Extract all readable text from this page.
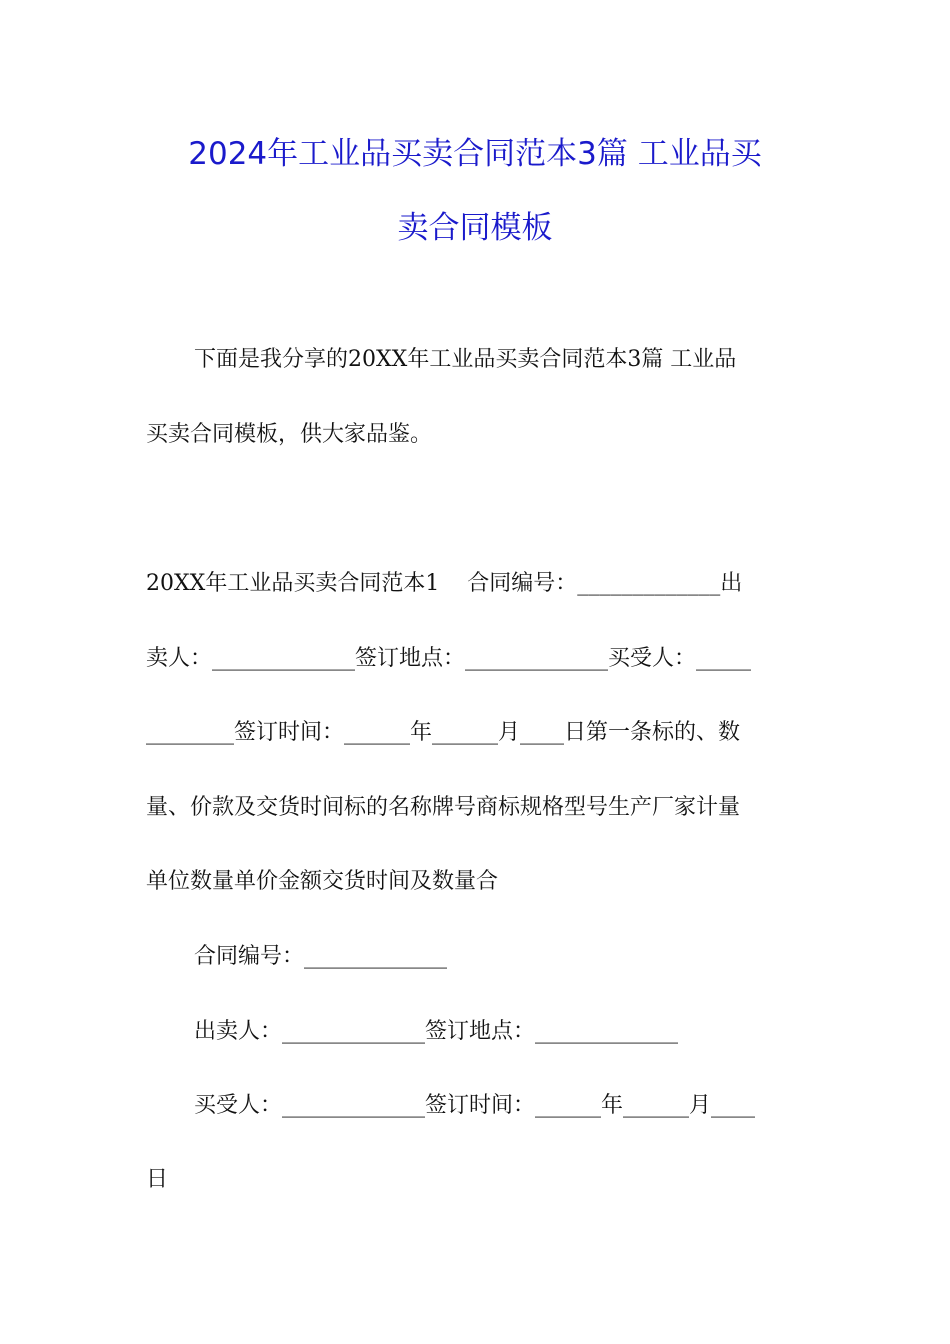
2024年工业品买卖合同范本3篇 工业品买
卖合同模板
下面是我分享的20XX年工业品买卖合同范本3篇 工业品
买卖合同模板，供大家品鉴。
20XX年工业品买卖合同范本1    合同编号：_____________出
卖人：_____________签订地点：_____________买受人：_____
________签订时间：______年______月____日第一条标的、数
量、价款及交货时间标的名称牌号商标规格型号生产厂家计量
单位数量单价金额交货时间及数量合
合同编号：_____________
出卖人：_____________签订地点：_____________
买受人：_____________签订时间：______年______月____
日
